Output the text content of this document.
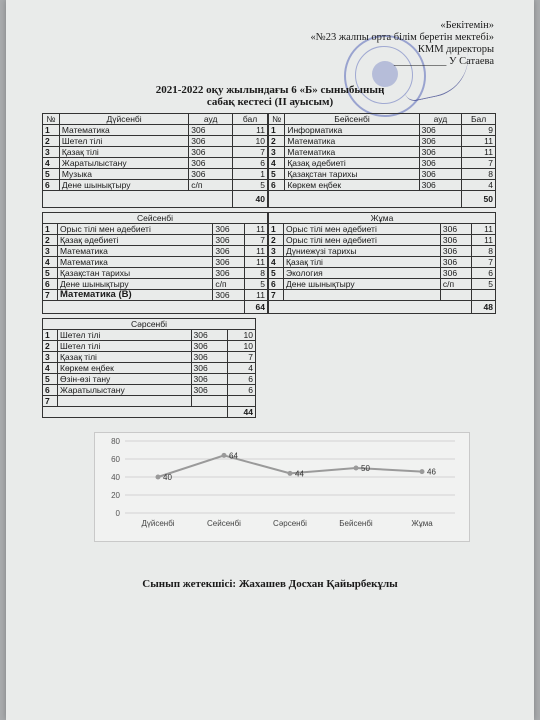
«Бекітемін»
«№23 жалпы орта білім беретін мектебі»
КММ директоры
__________ У Сатаева
2021-2022 оқу жылындағы 6 «Б» сыныбының
сабақ кестесі (ІІ ауысым)
№	Дүйсенбі	ауд	бал
1	Математика	306	11
2	Шетел тілі	306	10
3	Қазақ тілі	306	7
4	Жаратылыстану	306	6
5	Музыка	306	1
6	Дене шынықтыру	с/п	5
			40
№	Бейсенбі	ауд	Бал
1	Информатика	306	9
2	Математика	306	11
3	Математика	306	11
4	Қазақ әдебиеті	306	7
5	Қазақстан тарихы	306	8
6	Көркем еңбек	306	4
			50
Сейсенбі			
1	Орыс тілі мен әдебиеті	306	11
2	Қазақ әдебиеті	306	7
3	Математика	306	11
4	Математика	306	11
5	Қазақстан тарихы	306	8
6	Дене шынықтыру	с/п	5
7	Математика (В)	306	11
			64
Жұма			
1	Орыс тілі мен әдебиеті	306	11
2	Орыс тілі мен әдебиеті	306	11
3	Дүниежүзі тарихы	306	8
4	Қазақ тілі	306	7
5	Экология	306	6
6	Дене шынықтыру	с/п	5
7			
			48
Сәрсенбі			
1	Шетел тілі	306	10
2	Шетел тілі	306	10
3	Қазақ тілі	306	7
4	Көркем еңбек	306	4
5	Өзін-өзі тану	306	6
6	Жаратылыстану	306	6
7			
			44
0
20
40
60
80
Дүйсенбі	Сейсенбі	Сәрсенбі	Бейсенбі	Жұма
40
64
44
50	46
Сынып жетекшісі: Жахашев Досхан Қайырбекұлы
